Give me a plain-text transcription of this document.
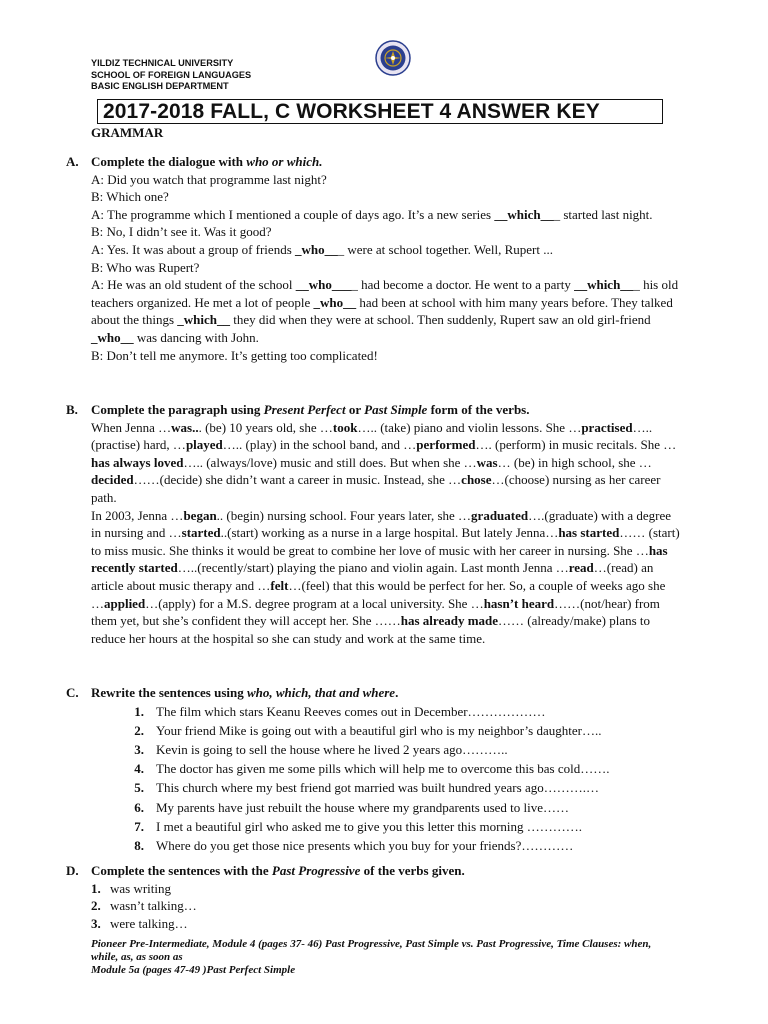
YILDIZ TECHNICAL UNIVERSITY
SCHOOL OF FOREIGN LANGUAGES
BASIC ENGLISH DEPARTMENT
2017-2018 FALL, C WORKSHEET 4 ANSWER KEY
GRAMMAR
A. Complete the dialogue with who or which.

A: Did you watch that programme last night?

B: Which one?

A: The programme which I mentioned a couple of days ago. It’s a new series __which___ started last night.

B: No, I didn’t see it. Was it good?

A: Yes. It was about a group of friends _who___ were at school together. Well, Rupert ...

B: Who was Rupert?

A: He was an old student of the school __who____ had become a doctor. He went to a party __which___ his old teachers organized. He met a lot of people _who__ had been at school with him many years before. They talked about the things _which__ they did when they were at school. Then suddenly, Rupert saw an old girl-friend _who__ was dancing with John.

B: Don’t tell me anymore. It’s getting too complicated!

B. Complete the paragraph using Present Perfect or Past Simple form of the verbs.

When Jenna …was... (be) 10 years old, she …took….. (take) piano and violin lessons. She …practised…..(practise) hard, …played….. (play) in the school band, and …performed…. (perform) in music recitals. She …has always loved….. (always/love) music and still does. But when she …was… (be) in high school, she …decided……(decide) she didn’t want a career in music. Instead, she …chose…(choose) nursing as her career path.

In 2003, Jenna …began.. (begin) nursing school. Four years later, she …graduated….(graduate) with a degree in nursing and …started..(start) working as a nurse in a large hospital. But lately Jenna…has started…… (start) to miss music. She thinks it would be great to combine her love of music with her career in nursing. She …has recently started…..(recently/start) playing the piano and violin again. Last month Jenna …read…(read) an article about music therapy and …felt…(feel) that this would be perfect for her. So, a couple of weeks ago she …applied…(apply) for a M.S. degree program at a local university. She …hasn’t heard……(not/hear) from them yet, but she’s confident they will accept her. She ……has already made…… (already/make) plans to reduce her hours at the hospital so she can study and work at the same time.

C. Rewrite the sentences using who, which, that and where.
1. The film which stars Keanu Reeves comes out in December………………
2. Your friend Mike is going out with a beautiful girl who is my neighbor’s daughter…..
3. Kevin is going to sell the house where he lived 2 years ago………..
4. The doctor has given me some pills which will help me to overcome this bas cold…….
5. This church where my best friend got married was built hundred years ago……….…
6. My parents have just rebuilt the house where my grandparents used to live……
7. I met a beautiful girl who asked me to give you this letter this morning ………….
8. Where do you get those nice presents which you buy for your friends?…………
D. Complete the sentences with the Past Progressive of the verbs given.
1. was writing
2. wasn’t talking…
3. were talking…
Pioneer Pre-Intermediate, Module 4 (pages 37- 46) Past Progressive, Past Simple vs. Past Progressive, Time Clauses: when, while, as, as soon as
Module 5a (pages 47-49 )Past Perfect Simple
